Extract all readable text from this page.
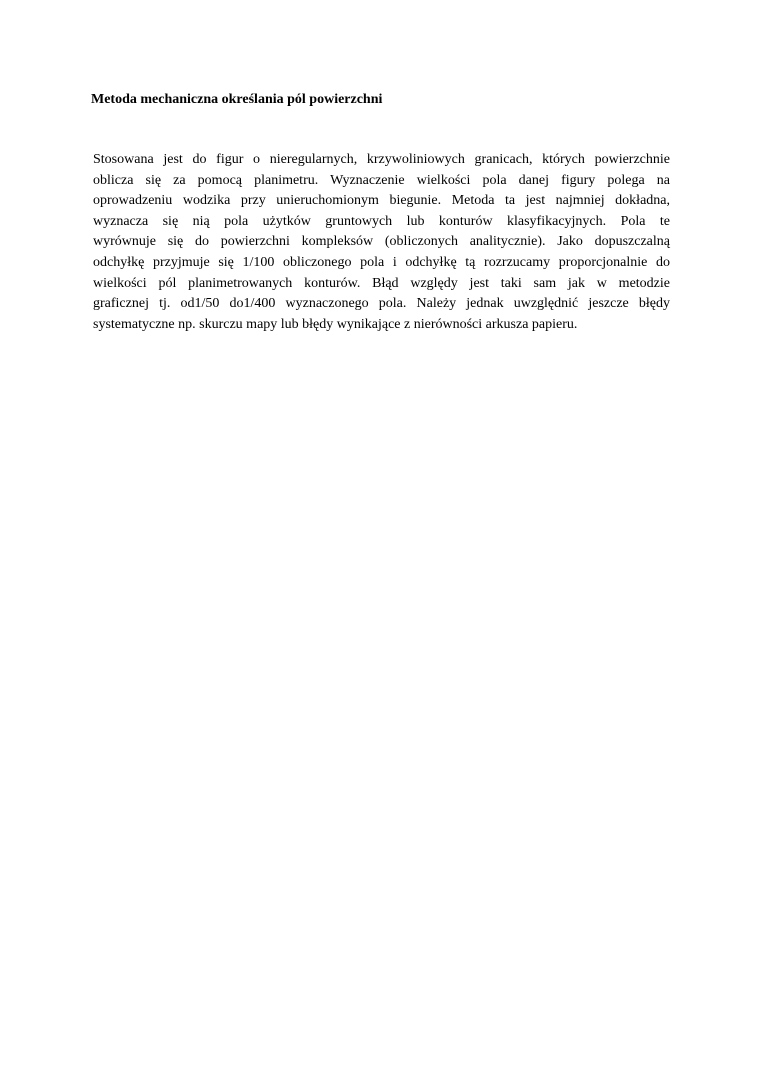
Metoda mechaniczna określania pól powierzchni
Stosowana jest do figur o nieregularnych, krzywoliniowych granicach, których powierzchnie
oblicza się za pomocą planimetru. Wyznaczenie wielkości pola danej figury polega na
oprowadzeniu wodzika przy unieruchomionym biegunie. Metoda ta jest najmniej dokładna,
wyznacza się nią pola użytków gruntowych lub konturów klasyfikacyjnych. Pola te
wyrównuje się do powierzchni kompleksów (obliczonych analitycznie). Jako dopuszczalną
odchyłkę przyjmuje się 1/100 obliczonego pola i odchyłkę tą rozrzucamy proporcjonalnie do
wielkości pól planimetrowanych konturów. Błąd względy jest taki sam jak w metodzie
graficznej tj. od1/50 do1/400 wyznaczonego pola. Należy jednak uwzględnić jeszcze błędy
systematyczne np. skurczu mapy lub błędy wynikające z nierówności arkusza papieru.
